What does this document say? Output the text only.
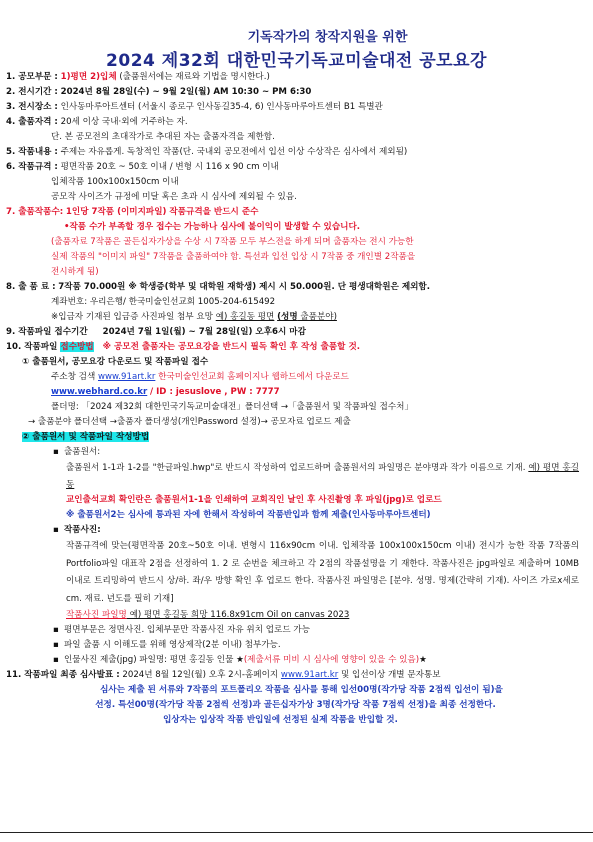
기독작가의 창작지원을 위한
2024 제32회 대한민국기독교미술대전 공모요강
1. 공모부문 : 1)평면 2)입체 (출품원서에는 재료와 기법을 명시한다.)
2. 전시기간 : 2024년 8월 28일(수) ~ 9월 2일(월) AM 10:30 ~ PM 6:30
3. 전시장소 : 인사동마루아트센터 (서울시 종로구 인사동길35-4, 6) 인사동마루아트센터 B1 특별관
4. 출품자격 : 20세 이상 국내·외에 거주하는 자.
단. 본 공모전의 초대작가로 추대된 자는 출품자격을 제한함.
5. 작품내용 : 주제는 자유롭게. 독창적인 작품(단. 국내외 공모전에서 입선 이상 수상작은 심사에서 제외됨)
6. 작품규격 : 평면작품 20호 ~ 50호 이내 / 변형 시 116 x 90 cm 이내
입체작품 100x100x150cm 이내
공모작 사이즈가 규정에 미달 혹은 초과 시 심사에 제외될 수 있음.
7. 출품작품수: 1인당 7작품 (이미지파일) 작품규격을 반드시 준수
•작품 수가 부족할 경우 접수는 가능하나 심사에 불이익이 발생할 수 있습니다.
(출품자료 7작품은 골든십자가상을 수상 시 7작품 모두 부스전을 하게 되며 출품자는 전시 가능한
실제 작품의 "이미지 파일" 7작품을 출품하여야 함. 특선과 입선 입상 시 7작품 중 개인별 2작품을
전시하게 됨)
8. 출 품 료 : 7작품 70.000원 ※ 학생증(학부 및 대학원 재학생) 제시 시 50.000원. 단 평생대학원은 제외함.
계좌번호: 우리은행/ 한국미술인선교회 1005-204-615492
※입금자 기재된 입금증 사진파일 첨부 요망 예) 홍길동 평면 (성명 출품분야)
9. 작품파일 접수기간 2024년 7월 1일(월) ~ 7월 28일(일) 오후6시 마감
10. 작품파일 접수방법 ※ 공모전 출품자는 공모요강을 반드시 필독 확인 후 작성 출품할 것.
① 출품원서, 공모요강 다운로드 및 작품파일 접수
주소창 검색 www.91art.kr 한국미술인선교회 홈페이지나 웹하드에서 다운로드
www.webhard.co.kr / ID : jesuslove , PW : 7777
폴더명: 「2024 제32회 대한민국기독교미술대전」폴더선택 →「출품원서 및 작품파일 접수처」
→ 출품분야 폴더선택 →출품자 폴더생성(개인Password 설정)→ 공모자료 업로드 제출
② 출품원서 및 작품파일 작성방법
▪ 출품원서:
출품원서 1-1과 1-2를 "한글파일.hwp"로 반드시 작성하여 업로드하며 출품원서의 파일명은 분야명과 작가 이름으로 기재. 예) 평면 홍길동
교인출석교회 확인란은 출품원서1-1을 인쇄하여 교회직인 날인 후 사진촬영 후 파일(jpg)로 업로드
※ 출품원서2는 심사에 통과된 자에 한해서 작성하여 작품반입과 함께 제출(인사동마루아트센터)
▪ 작품사진:
작품규격에 맞는(평면작품 20호~50호 이내. 변형시 116x90cm 이내. 입체작품 100x100x150cm 이내) 전시가 능한 작품 7작품의 Portfolio파일 대표작 2점을 선정하여 1. 2 로 순번을 체크하고 각 2점의 작품설명을 기 재한다. 작품사진은 jpg파일로 제출하며 10MB 이내로 트리밍하여 반드시 상/하. 좌/우 방향 확인 후 업로드 한다. 작품사진 파일명은 [분야. 성명. 명제(간략히 기재). 사이즈 가로x세로cm. 재료. 년도를 필히 기재]
작품사진 파일명 예) 평면 홍길동 희망 116.8x91cm Oil on canvas 2023
▪ 평면부문은 정면사진. 입체부문만 작품사진 자유 위치 업로드 가능
▪ 파일 출품 시 이해도를 위해 영상제작(2분 이내) 첨부가능.
▪ 인물사진 제출(jpg) 파일명: 평면 홍길동 인물 ★(제출서류 미비 시 심사에 영향이 있을 수 있음)★
11. 작품파일 최종 심사발표 : 2024년 8월 12일(월) 오후 2시-홈페이지 www.91art.kr 및 입선이상 개별 문자통보
심사는 제출 된 서류와 7작품의 포트폴리오 작품을 심사를 통해 입선00명(작가당 작품 2점씩 입선이 됨)을
선정. 특선00명(작가당 작품 2점씩 선정)과 골든십자가상 3명(작가당 작품 7점씩 선정)을 최종 선정한다.
입상자는 입상작 작품 반입일에 선정된 실제 작품을 반입할 것.
